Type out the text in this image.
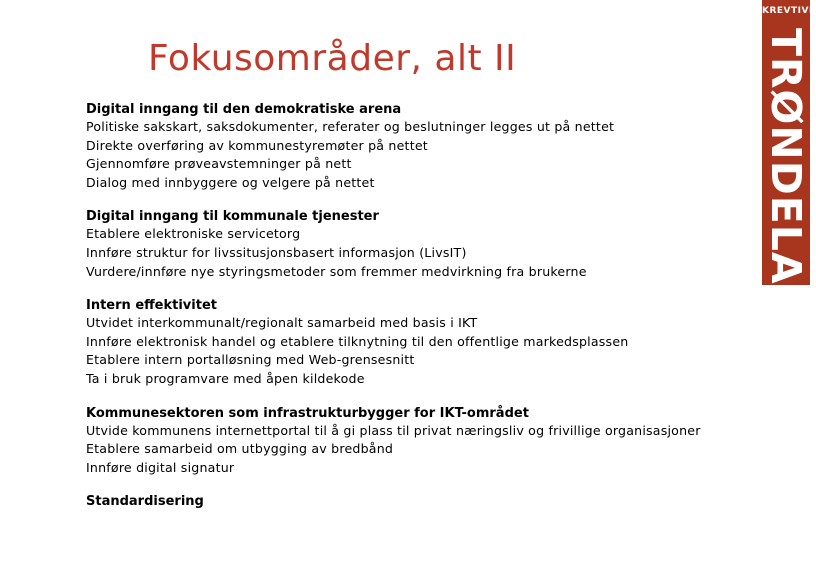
Fokusområder, alt II
KREVTIVE
TRØNDELAG
Digital inngang til den demokratiske arena
Politiske sakskart, saksdokumenter, referater og beslutninger legges ut på nettet
Direkte overføring av kommunestyremøter på nettet
Gjennomføre prøveavstemninger på nett
Dialog med innbyggere og velgere på nettet
Digital inngang til kommunale tjenester
Etablere elektroniske servicetorg
Innføre struktur for livssitusjonsbasert informasjon (LivsIT)
Vurdere/innføre nye styringsmetoder som fremmer medvirkning fra brukerne
Intern effektivitet
Utvidet interkommunalt/regionalt samarbeid med basis i IKT
Innføre elektronisk handel og etablere tilknytning til den offentlige markedsplassen
Etablere intern portalløsning med Web-grensesnitt
Ta i bruk programvare med åpen kildekode
Kommunesektoren som infrastrukturbygger for IKT-området
Utvide kommunens internettportal til å gi plass til privat næringsliv og frivillige organisasjoner
Etablere samarbeid om utbygging av bredbånd
Innføre digital signatur
Standardisering
